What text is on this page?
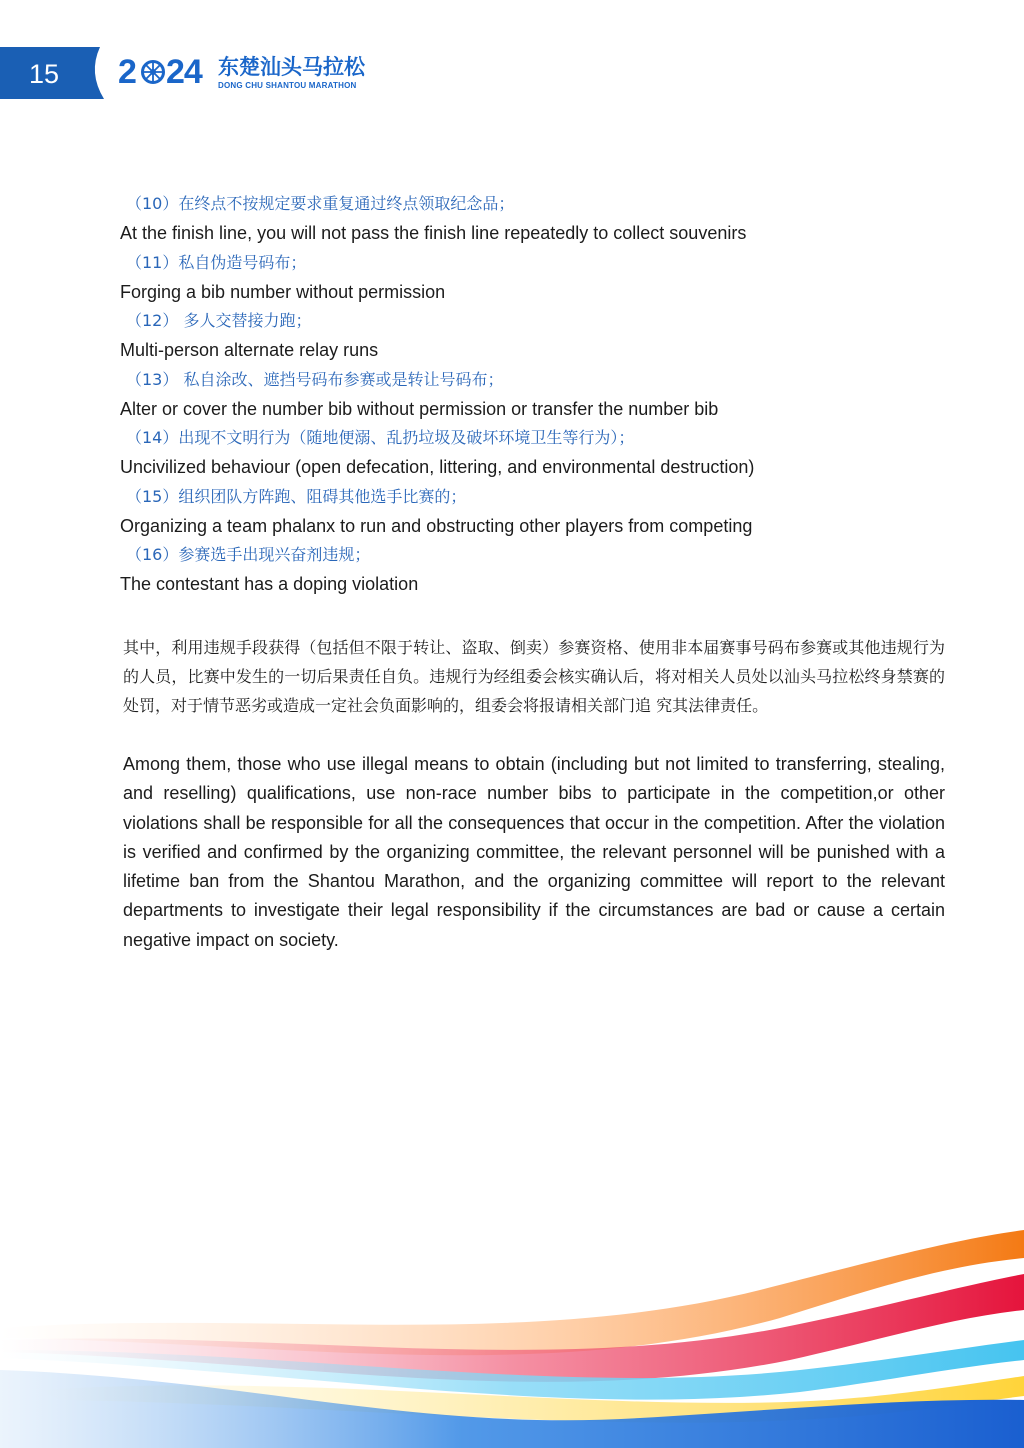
15	2 24 东楚汕头马拉松
DONG CHU SHANTOU MARATHON
（10）在终点不按规定要求重复通过终点领取纪念品；
At the finish line, you will not pass the finish line repeatedly to collect souvenirs
（11）私自伪造号码布；
Forging a bib number without permission
（12） 多人交替接力跑；
Multi-person alternate relay runs
（13） 私自涂改、遮挡号码布参赛或是转让号码布；
Alter or cover the number bib without permission or transfer the number bib
（14）出现不文明行为（随地便溺、乱扔垃圾及破坏环境卫生等行为）；
Uncivilized behaviour (open defecation, littering, and environmental destruction)
（15）组织团队方阵跑、阻碍其他选手比赛的；
Organizing a team phalanx to run and obstructing other players from competing
（16）参赛选手出现兴奋剂违规；
The contestant has a doping violation

其中，利用违规手段获得（包括但不限于转让、盗取、倒卖）参赛资格、使用非本届赛事号码布参赛或其他违规行为的人员，比赛中发生的一切后果责任自负。违规行为经组委会核实确认后，将对相关人员处以汕头马拉松终身禁赛的处罚，对于情节恶劣或造成一定社会负面影响的，组委会将报请相关部门追 究其法律责任。

Among them, those who use illegal means to obtain (including but not limited to transferring, stealing, and reselling) qualifications, use non-race number bibs to participate in the competition,or other violations shall be responsible for all the consequences that occur in the competition. After the violation is verified and confirmed by the organizing committee, the relevant personnel will be punished with a lifetime ban from the Shantou Marathon, and the organizing committee will report to the relevant departments to investigate their legal responsibility if the circumstances are bad or cause a certain negative impact on society.
